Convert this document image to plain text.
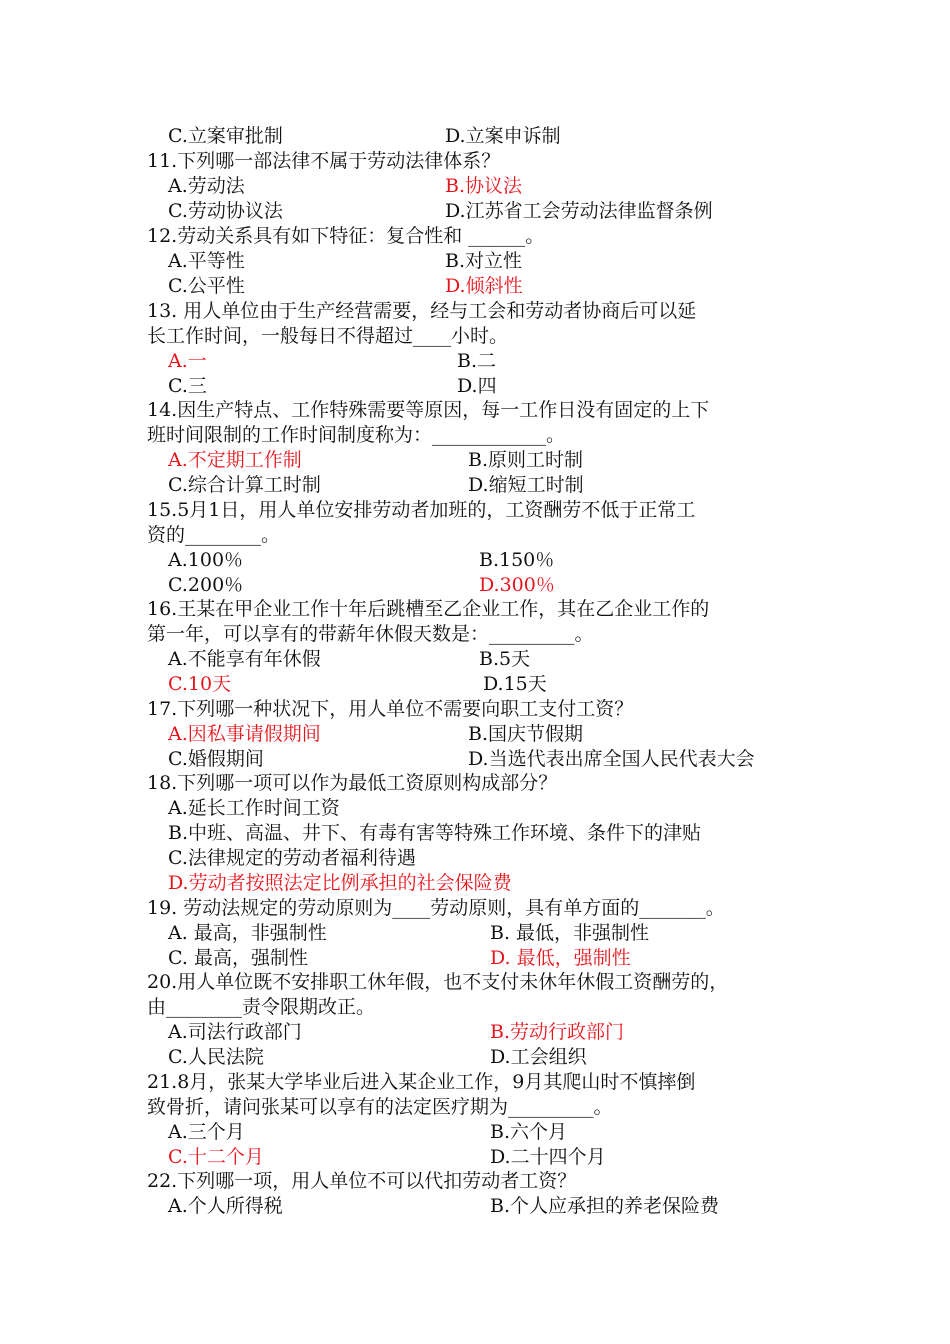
C.立案审批制	D.立案申诉制
11.下列哪一部法律不属于劳动法律体系？
A.劳动法	B.协议法
C.劳动协议法	D.江苏省工会劳动法律监督条例
12.劳动关系具有如下特征：复合性和 ______。
A.平等性	B.对立性
C.公平性	D.倾斜性
13. 用人单位由于生产经营需要，经与工会和劳动者协商后可以延
长工作时间，一般每日不得超过____小时。
A.一	B.二
C.三	D.四
14.因生产特点、工作特殊需要等原因，每一工作日没有固定的上下
班时间限制的工作时间制度称为：____________。
A.不定期工作制	B.原则工时制
C.综合计算工时制	D.缩短工时制
15.5月1日，用人单位安排劳动者加班的，工资酬劳不低于正常工
资的________。
A.100％	B.150％
C.200％	D.300％
16.王某在甲企业工作十年后跳槽至乙企业工作，其在乙企业工作的
第一年，可以享有的带薪年休假天数是：_________。
A.不能享有年休假	B.5天
C.10天	D.15天
17.下列哪一种状况下，用人单位不需要向职工支付工资？
A.因私事请假期间	B.国庆节假期
C.婚假期间	D.当选代表出席全国人民代表大会
18.下列哪一项可以作为最低工资原则构成部分？
A.延长工作时间工资
B.中班、高温、井下、有毒有害等特殊工作环境、条件下的津贴
C.法律规定的劳动者福利待遇
D.劳动者按照法定比例承担的社会保险费
19. 劳动法规定的劳动原则为____劳动原则，具有单方面的_______。
A. 最高，非强制性	B. 最低，非强制性
C. 最高，强制性	D. 最低，强制性
20.用人单位既不安排职工休年假，也不支付未休年休假工资酬劳的，
由________责令限期改正。
A.司法行政部门	B.劳动行政部门
C.人民法院	D.工会组织
21.8月，张某大学毕业后进入某企业工作，9月其爬山时不慎摔倒
致骨折，请问张某可以享有的法定医疗期为_________。
A.三个月	B.六个月
C.十二个月	D.二十四个月
22.下列哪一项，用人单位不可以代扣劳动者工资？
A.个人所得税	B.个人应承担的养老保险费
